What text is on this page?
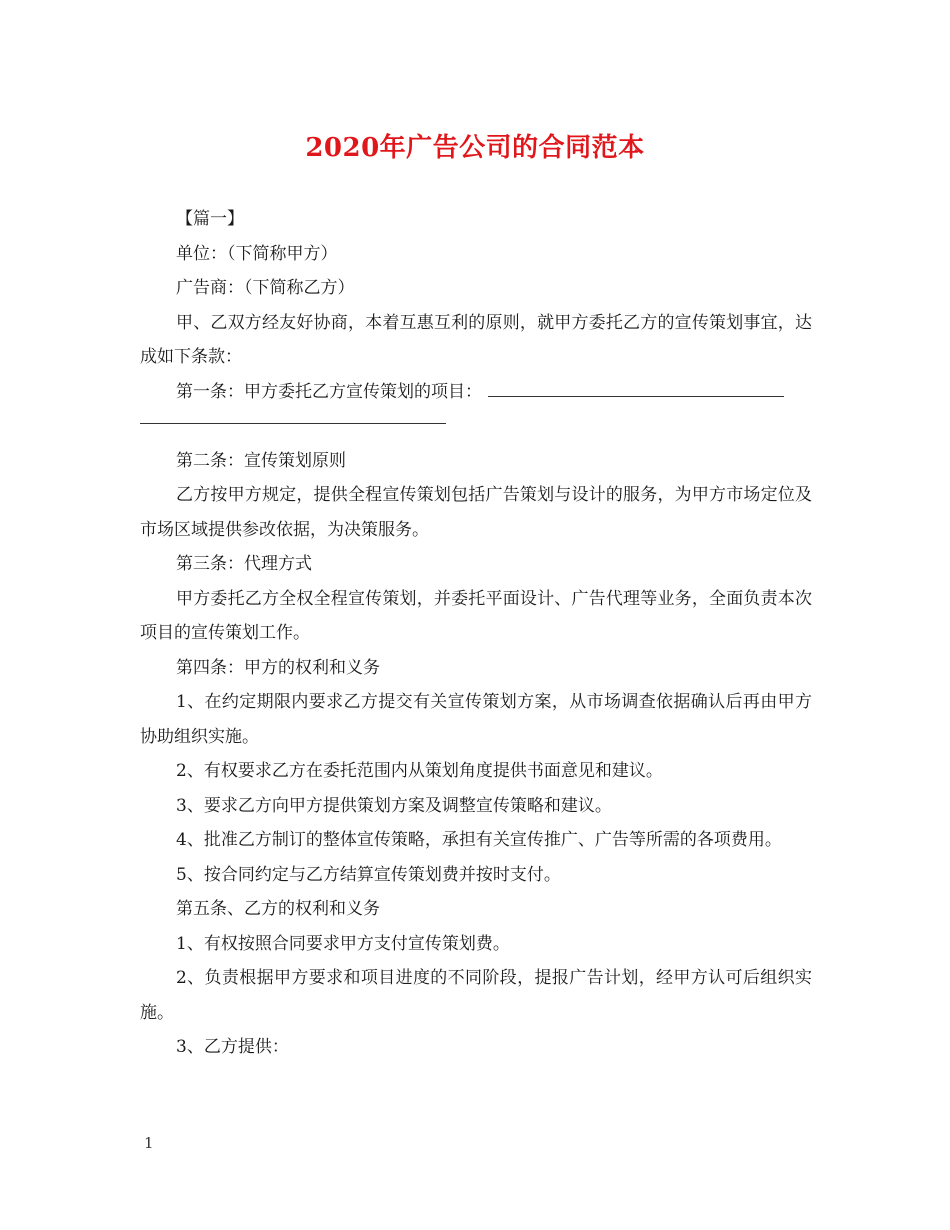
2020年广告公司的合同范本

【篇一】

单位：（下简称甲方）

广告商：（下简称乙方）

甲、乙双方经友好协商，本着互惠互利的原则，就甲方委托乙方的宣传策划事宜，达成如下条款：

第一条：甲方委托乙方宣传策划的项目：

第二条：宣传策划原则

乙方按甲方规定，提供全程宣传策划包括广告策划与设计的服务，为甲方市场定位及市场区域提供参改依据，为决策服务。

第三条：代理方式

甲方委托乙方全权全程宣传策划，并委托平面设计、广告代理等业务，全面负责本次项目的宣传策划工作。

第四条：甲方的权利和义务

1、在约定期限内要求乙方提交有关宣传策划方案，从市场调查依据确认后再由甲方协助组织实施。

2、有权要求乙方在委托范围内从策划角度提供书面意见和建议。

3、要求乙方向甲方提供策划方案及调整宣传策略和建议。

4、批准乙方制订的整体宣传策略，承担有关宣传推广、广告等所需的各项费用。

5、按合同约定与乙方结算宣传策划费并按时支付。

第五条、乙方的权利和义务

1、有权按照合同要求甲方支付宣传策划费。

2、负责根据甲方要求和项目进度的不同阶段，提报广告计划，经甲方认可后组织实施。

3、乙方提供：

1
